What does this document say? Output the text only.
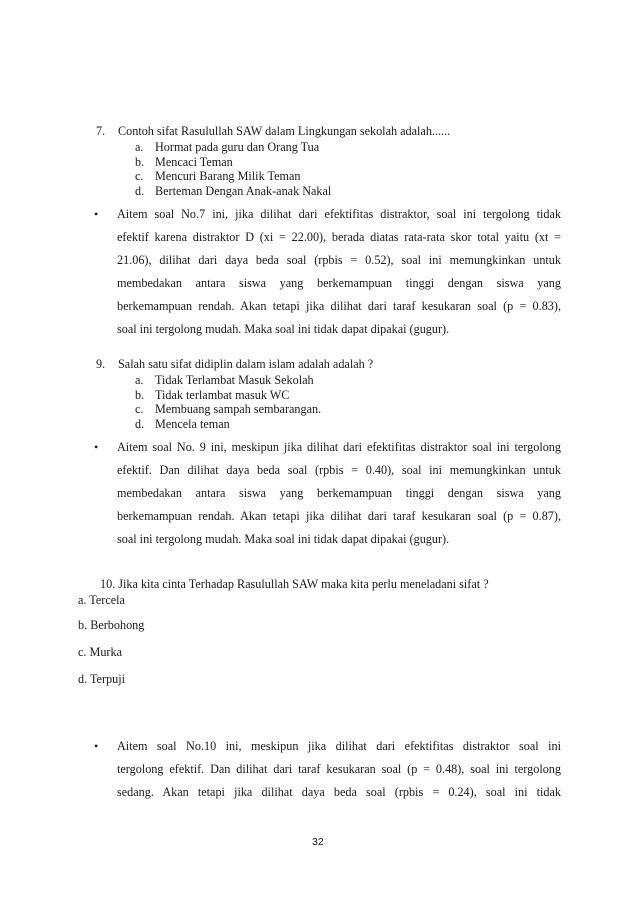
7. Contoh sifat Rasulullah SAW dalam Lingkungan sekolah adalah......
a. Hormat pada guru dan Orang Tua
b. Mencaci Teman
c. Mencuri Barang Milik Teman
d. Berteman Dengan Anak-anak Nakal
• Aitem soal No.7 ini, jika dilihat dari efektifitas distraktor, soal ini tergolong tidak
efektif karena distraktor D (xi = 22.00), berada diatas rata-rata skor total yaitu (xt =
21.06), dilihat dari daya beda soal (rpbis = 0.52), soal ini memungkinkan untuk
membedakan antara siswa yang berkemampuan tinggi dengan siswa yang
berkemampuan rendah. Akan tetapi jika dilihat dari taraf kesukaran soal (p = 0.83),
soal ini tergolong mudah. Maka soal ini tidak dapat dipakai (gugur).
9. Salah satu sifat didiplin dalam islam adalah adalah ?
a. Tidak Terlambat Masuk Sekolah
b. Tidak terlambat masuk WC
c. Membuang sampah sembarangan.
d. Mencela teman
• Aitem soal No. 9 ini, meskipun jika dilihat dari efektifitas distraktor soal ini tergolong
efektif. Dan dilihat daya beda soal (rpbis = 0.40), soal ini memungkinkan untuk
membedakan antara siswa yang berkemampuan tinggi dengan siswa yang
berkemampuan rendah. Akan tetapi jika dilihat dari taraf kesukaran soal (p = 0.87),
soal ini tergolong mudah. Maka soal ini tidak dapat dipakai (gugur).
10. Jika kita cinta Terhadap Rasulullah SAW maka kita perlu meneladani sifat ?
a. Tercela
b. Berbohong
c. Murka
d. Terpuji
• Aitem soal No.10 ini, meskipun jika dilihat dari efektifitas distraktor soal ini
tergolong efektif. Dan dilihat dari taraf kesukaran soal (p = 0.48), soal ini tergolong
sedang. Akan tetapi jika dilihat daya beda soal (rpbis = 0.24), soal ini tidak
32
